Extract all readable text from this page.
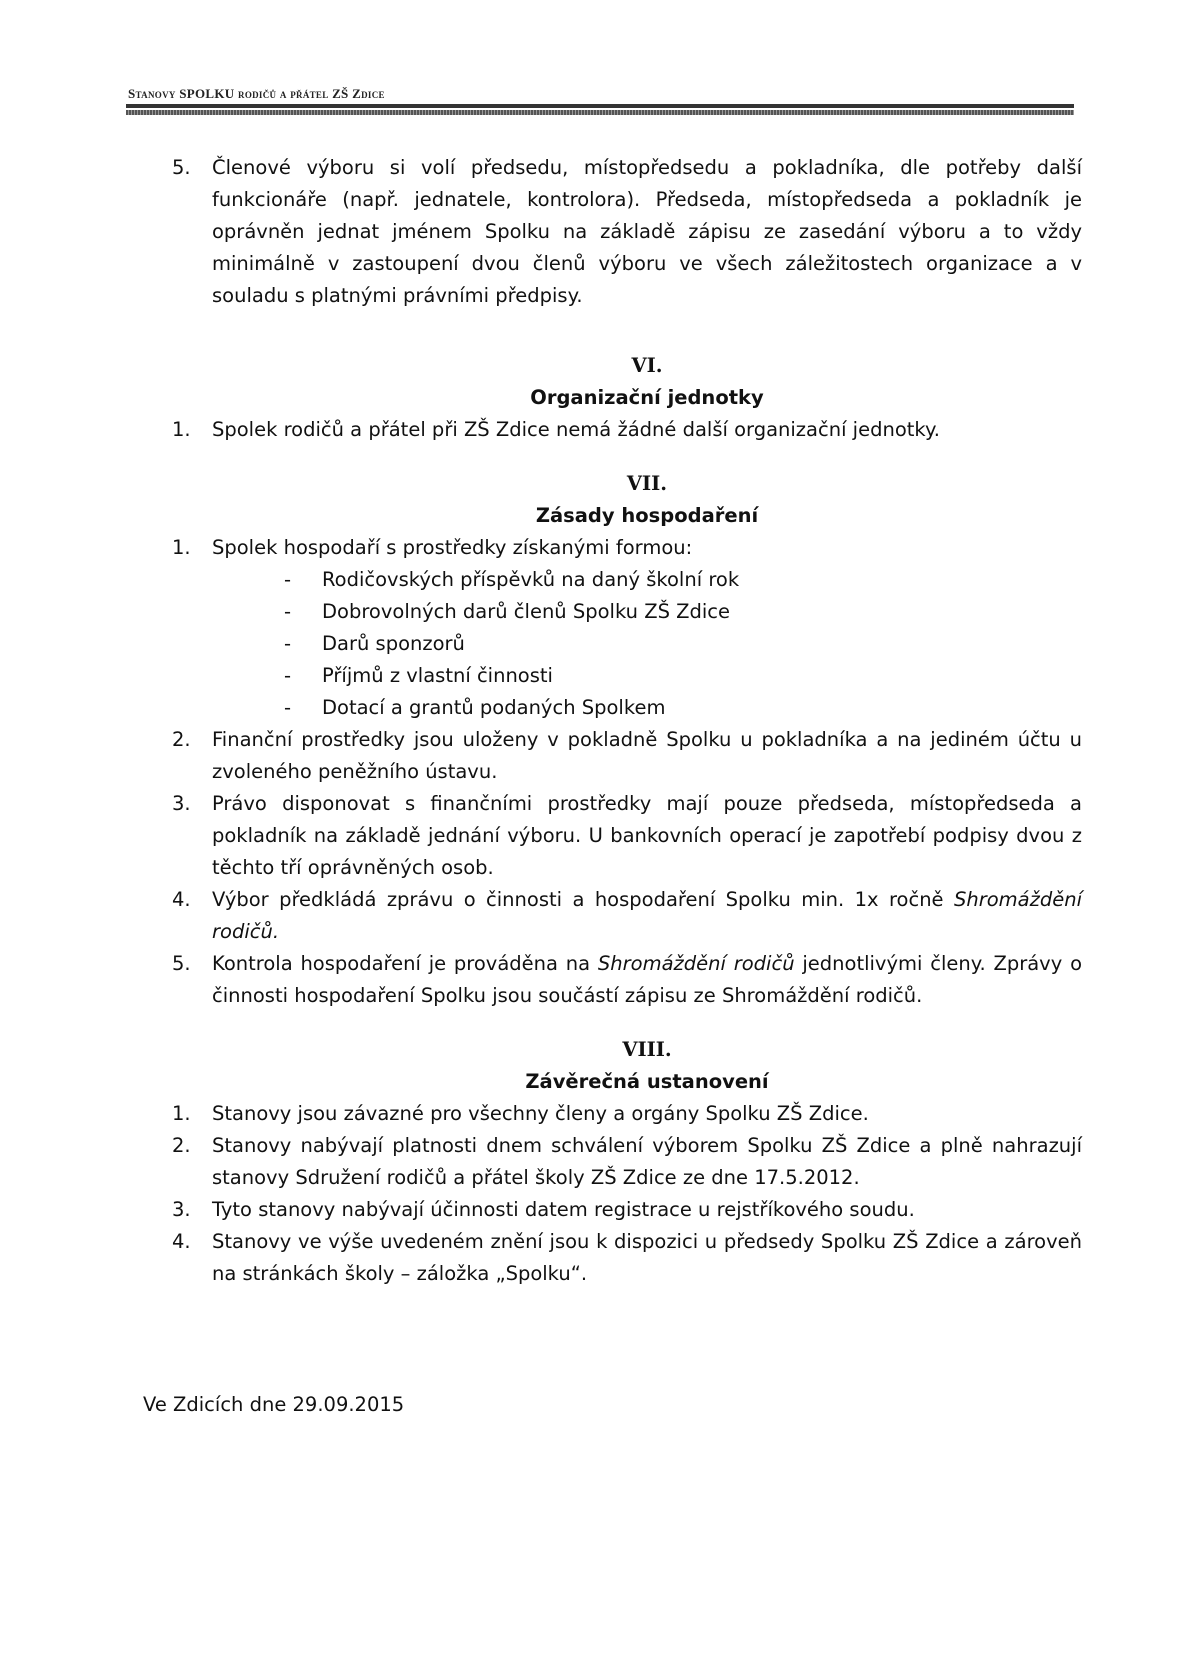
Stanovy SPOLKU rodičů a přátel ZŠ Zdice
5.	Členové výboru si volí předsedu, místopředsedu a pokladníka, dle potřeby další funkcionáře (např. jednatele, kontrolora). Předseda, místopředseda a pokladník je oprávněn jednat jménem Spolku na základě zápisu ze zasedání výboru a to vždy minimálně v zastoupení dvou členů výboru ve všech záležitostech organizace a v souladu s platnými právními předpisy.
VI.
Organizační jednotky
1.	Spolek rodičů a přátel při ZŠ Zdice nemá žádné další organizační jednotky.
VII.
Zásady hospodaření
1.	Spolek hospodaří s prostředky získanými formou:
-	Rodičovských příspěvků na daný školní rok
-	Dobrovolných darů členů Spolku ZŠ Zdice
-	Darů sponzorů
-	Příjmů z vlastní činnosti
-	Dotací a grantů podaných Spolkem
2.	Finanční prostředky jsou uloženy v pokladně Spolku u pokladníka a na jediném účtu u zvoleného peněžního ústavu.
3.	Právo disponovat s finančními prostředky mají pouze předseda, místopředseda a pokladník na základě jednání výboru. U bankovních operací je zapotřebí podpisy dvou z těchto tří oprávněných osob.
4.	Výbor předkládá zprávu o činnosti a hospodaření Spolku min. 1x ročně Shromáždění rodičů.
5.	Kontrola hospodaření je prováděna na Shromáždění rodičů jednotlivými členy. Zprávy o činnosti hospodaření Spolku jsou součástí zápisu ze Shromáždění rodičů.
VIII.
Závěrečná ustanovení
1.	Stanovy jsou závazné pro všechny členy a orgány Spolku ZŠ Zdice.
2.	Stanovy nabývají platnosti dnem schválení výborem Spolku ZŠ Zdice a plně nahrazují stanovy Sdružení rodičů a přátel školy ZŠ Zdice ze dne 17.5.2012.
3.	Tyto stanovy nabývají účinnosti datem registrace u rejstříkového soudu.
4.	Stanovy ve výše uvedeném znění jsou k dispozici u předsedy Spolku ZŠ Zdice a zároveň na stránkách školy – záložka „Spolku“.
Ve Zdicích dne 29.09.2015
